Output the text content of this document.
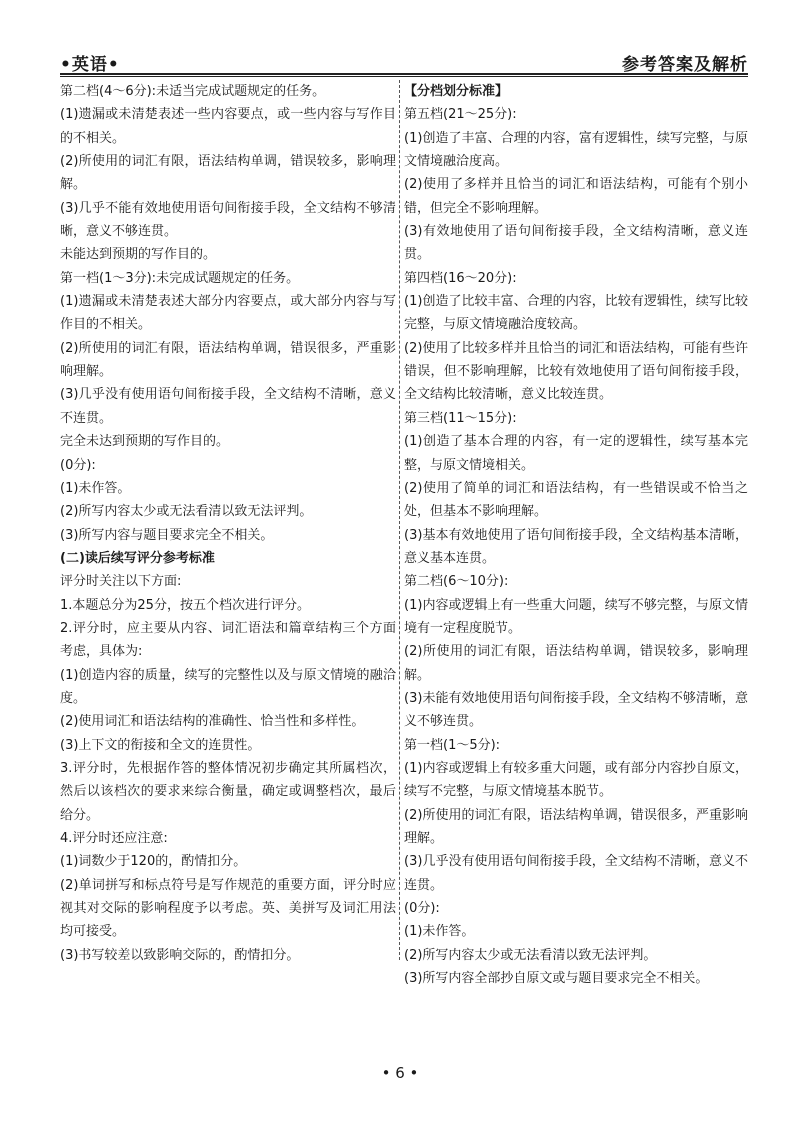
•英语•	参考答案及解析

第二档(4～6分):未适当完成试题规定的任务。

(1)遗漏或未清楚表述一些内容要点，或一些内容与写作目的不相关。

(2)所使用的词汇有限，语法结构单调，错误较多，影响理解。

(3)几乎不能有效地使用语句间衔接手段，全文结构不够清晰，意义不够连贯。

未能达到预期的写作目的。

第一档(1～3分):未完成试题规定的任务。

(1)遗漏或未清楚表述大部分内容要点，或大部分内容与写作目的不相关。

(2)所使用的词汇有限，语法结构单调，错误很多，严重影响理解。

(3)几乎没有使用语句间衔接手段，全文结构不清晰，意义不连贯。

完全未达到预期的写作目的。

(0分):

(1)未作答。

(2)所写内容太少或无法看清以致无法评判。

(3)所写内容与题目要求完全不相关。

(二)读后续写评分参考标准

评分时关注以下方面:

1.本题总分为25分，按五个档次进行评分。

2.评分时，应主要从内容、词汇语法和篇章结构三个方面考虑，具体为:

(1)创造内容的质量，续写的完整性以及与原文情境的融洽度。

(2)使用词汇和语法结构的准确性、恰当性和多样性。

(3)上下文的衔接和全文的连贯性。

3.评分时，先根据作答的整体情况初步确定其所属档次，然后以该档次的要求来综合衡量，确定或调整档次，最后给分。

4.评分时还应注意:

(1)词数少于120的，酌情扣分。

(2)单词拼写和标点符号是写作规范的重要方面，评分时应视其对交际的影响程度予以考虑。英、美拼写及词汇用法均可接受。

(3)书写较差以致影响交际的，酌情扣分。

【分档划分标准】

第五档(21～25分):

(1)创造了丰富、合理的内容，富有逻辑性，续写完整，与原文情境融洽度高。

(2)使用了多样并且恰当的词汇和语法结构，可能有个别小错，但完全不影响理解。

(3)有效地使用了语句间衔接手段，全文结构清晰，意义连贯。

第四档(16～20分):

(1)创造了比较丰富、合理的内容，比较有逻辑性，续写比较完整，与原文情境融洽度较高。

(2)使用了比较多样并且恰当的词汇和语法结构，可能有些许错误，但不影响理解，比较有效地使用了语句间衔接手段，全文结构比较清晰，意义比较连贯。

第三档(11～15分):

(1)创造了基本合理的内容，有一定的逻辑性，续写基本完整，与原文情境相关。

(2)使用了简单的词汇和语法结构，有一些错误或不恰当之处，但基本不影响理解。

(3)基本有效地使用了语句间衔接手段，全文结构基本清晰，意义基本连贯。

第二档(6～10分):

(1)内容或逻辑上有一些重大问题，续写不够完整，与原文情境有一定程度脱节。

(2)所使用的词汇有限，语法结构单调，错误较多，影响理解。

(3)未能有效地使用语句间衔接手段，全文结构不够清晰，意义不够连贯。

第一档(1～5分):

(1)内容或逻辑上有较多重大问题，或有部分内容抄自原文，续写不完整，与原文情境基本脱节。

(2)所使用的词汇有限，语法结构单调，错误很多，严重影响理解。

(3)几乎没有使用语句间衔接手段，全文结构不清晰，意义不连贯。

(0分):

(1)未作答。

(2)所写内容太少或无法看清以致无法评判。

(3)所写内容全部抄自原文或与题目要求完全不相关。

• 6 •
